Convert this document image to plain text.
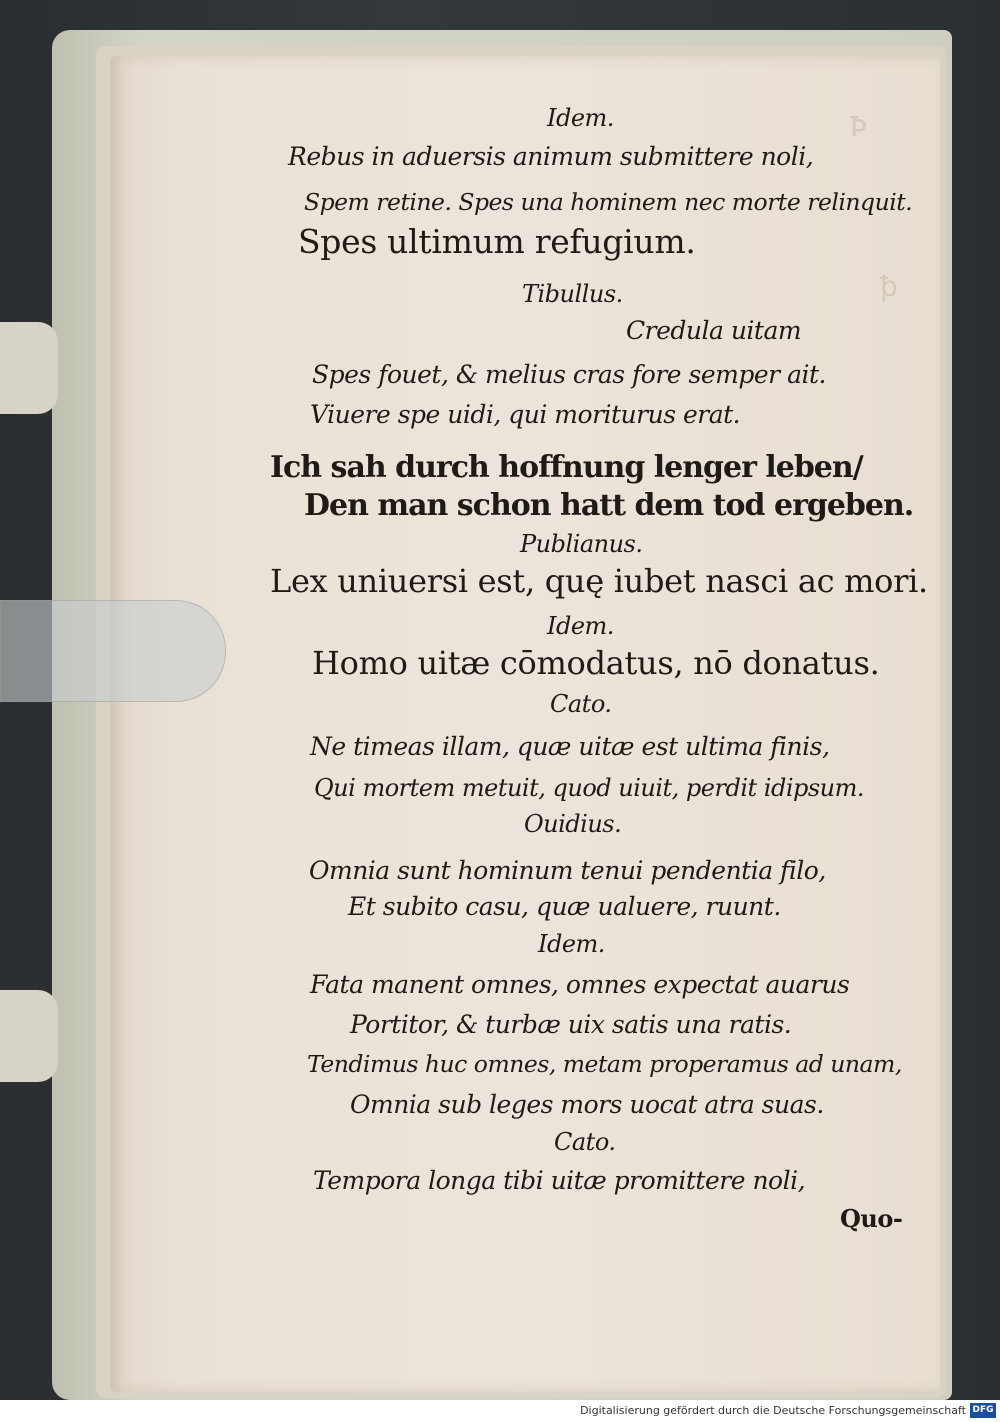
Ꝥ
ꝥ
Idem.
Rebus in aduersis animum submittere noli,
Spem retine. Spes una hominem nec morte relinquit.
Spes ultimum refugium.
Tibullus.
Credula uitam
Spes fouet, & melius cras fore semper ait.
Viuere spe uidi, qui moriturus erat.
Ich sah durch hoffnung lenger leben/
Den man schon hatt dem tod ergeben.
Publianus.
Lex uniuersi est, quę iubet nasci ac mori.
Idem.
Homo uitæ cōmodatus, nō donatus.
Cato.
Ne timeas illam, quæ uitæ est ultima finis,
Qui mortem metuit, quod uiuit, perdit idipsum.
Ouidius.
Omnia sunt hominum tenui pendentia filo,
Et subito casu, quæ ualuere, ruunt.
Idem.
Fata manent omnes, omnes expectat auarus
Portitor, & turbæ uix satis una ratis.
Tendimus huc omnes, metam properamus ad unam,
Omnia sub leges mors uocat atra suas.
Cato.
Tempora longa tibi uitæ promittere noli,
Quo-
Digitalisierung gefördert durch die Deutsche Forschungsgemeinschaft DFG
